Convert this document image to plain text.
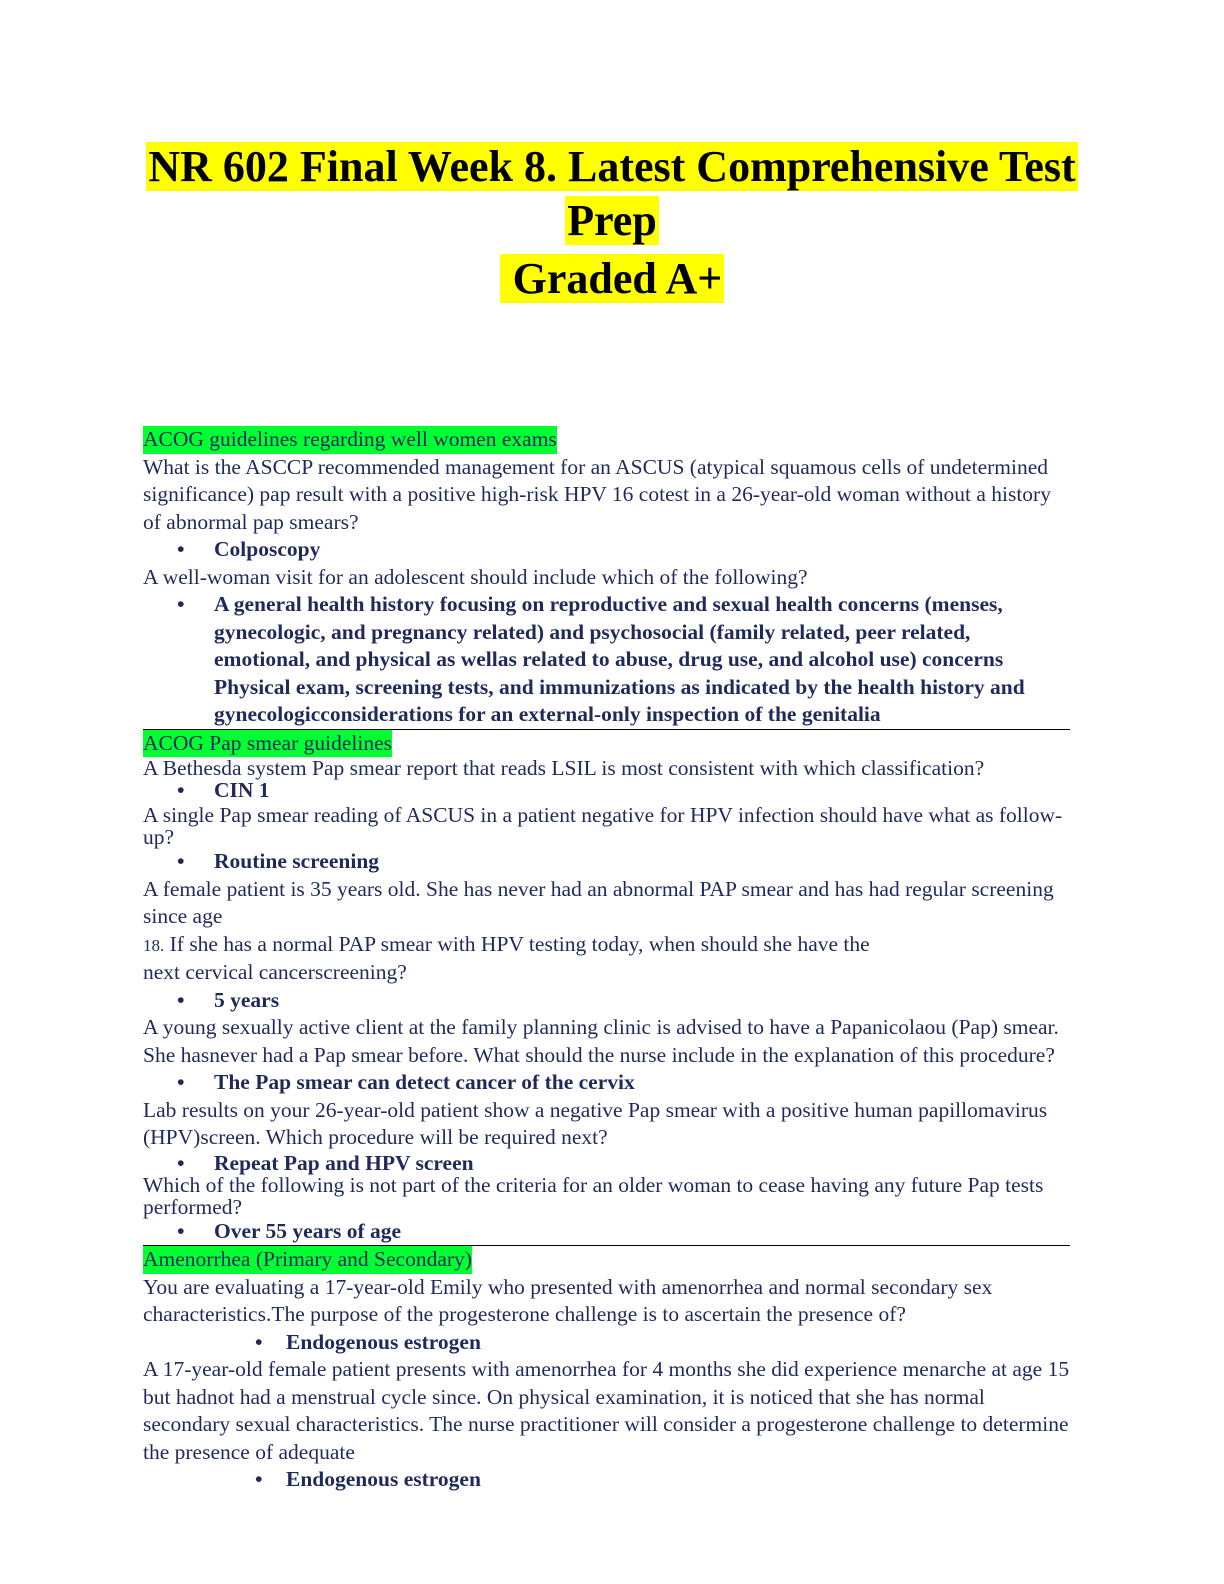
NR 602 Final Week 8. Latest Comprehensive Test
Prep
Graded A+
ACOG guidelines regarding well women exams

What is the ASCCP recommended management for an ASCUS (atypical squamous cells of undetermined significance) pap result with a positive high-risk HPV 16 cotest in a 26-year-old woman without a history of abnormal pap smears?

• Colposcopy

A well-woman visit for an adolescent should include which of the following?

• A general health history focusing on reproductive and sexual health concerns (menses, gynecologic, and pregnancy related) and psychosocial (family related, peer related, emotional, and physical as wellas related to abuse, drug use, and alcohol use) concerns

Physical exam, screening tests, and immunizations as indicated by the health history and gynecologicconsiderations for an external-only inspection of the genitalia

ACOG Pap smear guidelines

A Bethesda system Pap smear report that reads LSIL is most consistent with which classification?

• CIN 1

A single Pap smear reading of ASCUS in a patient negative for HPV infection should have what as follow-up?

• Routine screening

A female patient is 35 years old. She has never had an abnormal PAP smear and has had regular screening since age

18. If she has a normal PAP smear with HPV testing today, when should she have the

next cervical cancerscreening?

• 5 years

A young sexually active client at the family planning clinic is advised to have a Papanicolaou (Pap) smear. She hasnever had a Pap smear before. What should the nurse include in the explanation of this procedure?

• The Pap smear can detect cancer of the cervix

Lab results on your 26-year-old patient show a negative Pap smear with a positive human papillomavirus (HPV)screen. Which procedure will be required next?

• Repeat Pap and HPV screen

Which of the following is not part of the criteria for an older woman to cease having any future Pap tests performed?

• Over 55 years of age

Amenorrhea (Primary and Secondary)

You are evaluating a 17-year-old Emily who presented with amenorrhea and normal secondary sex characteristics.The purpose of the progesterone challenge is to ascertain the presence of?

• Endogenous estrogen

A 17-year-old female patient presents with amenorrhea for 4 months she did experience menarche at age 15 but hadnot had a menstrual cycle since. On physical examination, it is noticed that she has normal secondary sexual characteristics. The nurse practitioner will consider a progesterone challenge to determine the presence of adequate

• Endogenous estrogen
